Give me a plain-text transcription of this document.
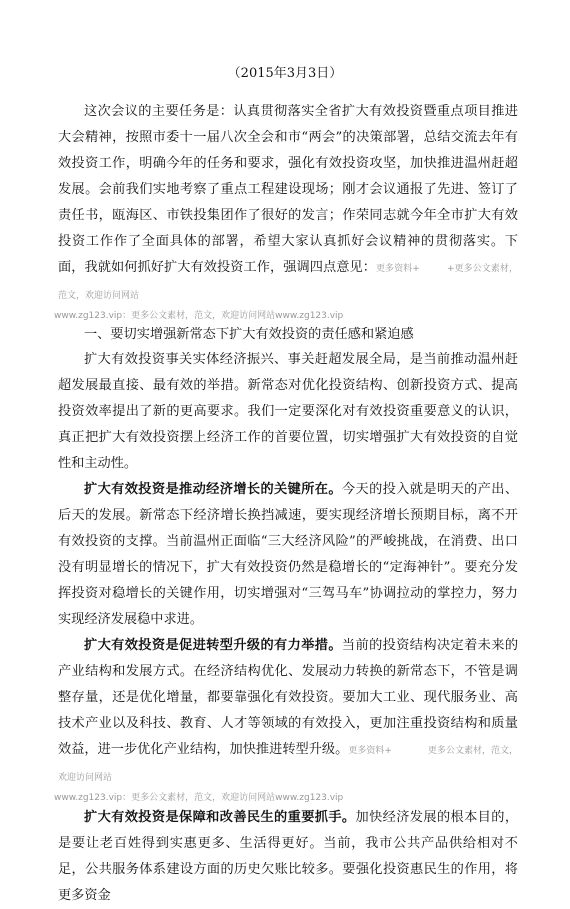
（2015年3月3日）

这次会议的主要任务是：认真贯彻落实全省扩大有效投资暨重点项目推进大会精神，按照市委十一届八次全会和市“两会”的决策部署，总结交流去年有效投资工作，明确今年的任务和要求，强化有效投资攻坚，加快推进温州赶超发展。会前我们实地考察了重点工程建设现场；刚才会议通报了先进、签订了责任书，瓯海区、市铁投集团作了很好的发言；作荣同志就今年全市扩大有效投资工作作了全面具体的部署，希望大家认真抓好会议精神的贯彻落实。下面，我就如何抓好扩大有效投资工作，强调四点意见：更多资料+　　　+更多公文素材，范文，欢迎访问网站

www.zg123.vip：更多公文素材，范文，欢迎访问网站www.zg123.vip

一、要切实增强新常态下扩大有效投资的责任感和紧迫感

扩大有效投资事关实体经济振兴、事关赶超发展全局，是当前推动温州赶超发展最直接、最有效的举措。新常态对优化投资结构、创新投资方式、提高投资效率提出了新的更高要求。我们一定要深化对有效投资重要意义的认识，真正把扩大有效投资摆上经济工作的首要位置，切实增强扩大有效投资的自觉性和主动性。

扩大有效投资是推动经济增长的关键所在。今天的投入就是明天的产出、后天的发展。新常态下经济增长换挡减速，要实现经济增长预期目标，离不开有效投资的支撑。当前温州正面临“三大经济风险”的严峻挑战，在消费、出口没有明显增长的情况下，扩大有效投资仍然是稳增长的“定海神针”。要充分发挥投资对稳增长的关键作用，切实增强对“三驾马车”协调拉动的掌控力，努力实现经济发展稳中求进。

扩大有效投资是促进转型升级的有力举措。当前的投资结构决定着未来的产业结构和发展方式。在经济结构优化、发展动力转换的新常态下，不管是调整存量，还是优化增量，都要靠强化有效投资。要加大工业、现代服务业、高技术产业以及科技、教育、人才等领域的有效投入，更加注重投资结构和质量效益，进一步优化产业结构，加快推进转型升级。更多资料+　　　　更多公文素材，范文，欢迎访问网站

www.zg123.vip：更多公文素材，范文，欢迎访问网站www.zg123.vip

扩大有效投资是保障和改善民生的重要抓手。加快经济发展的根本目的，是要让老百姓得到实惠更多、生活得更好。当前，我市公共产品供给相对不足，公共服务体系建设方面的历史欠账比较多。要强化投资惠民生的作用，将更多资金
